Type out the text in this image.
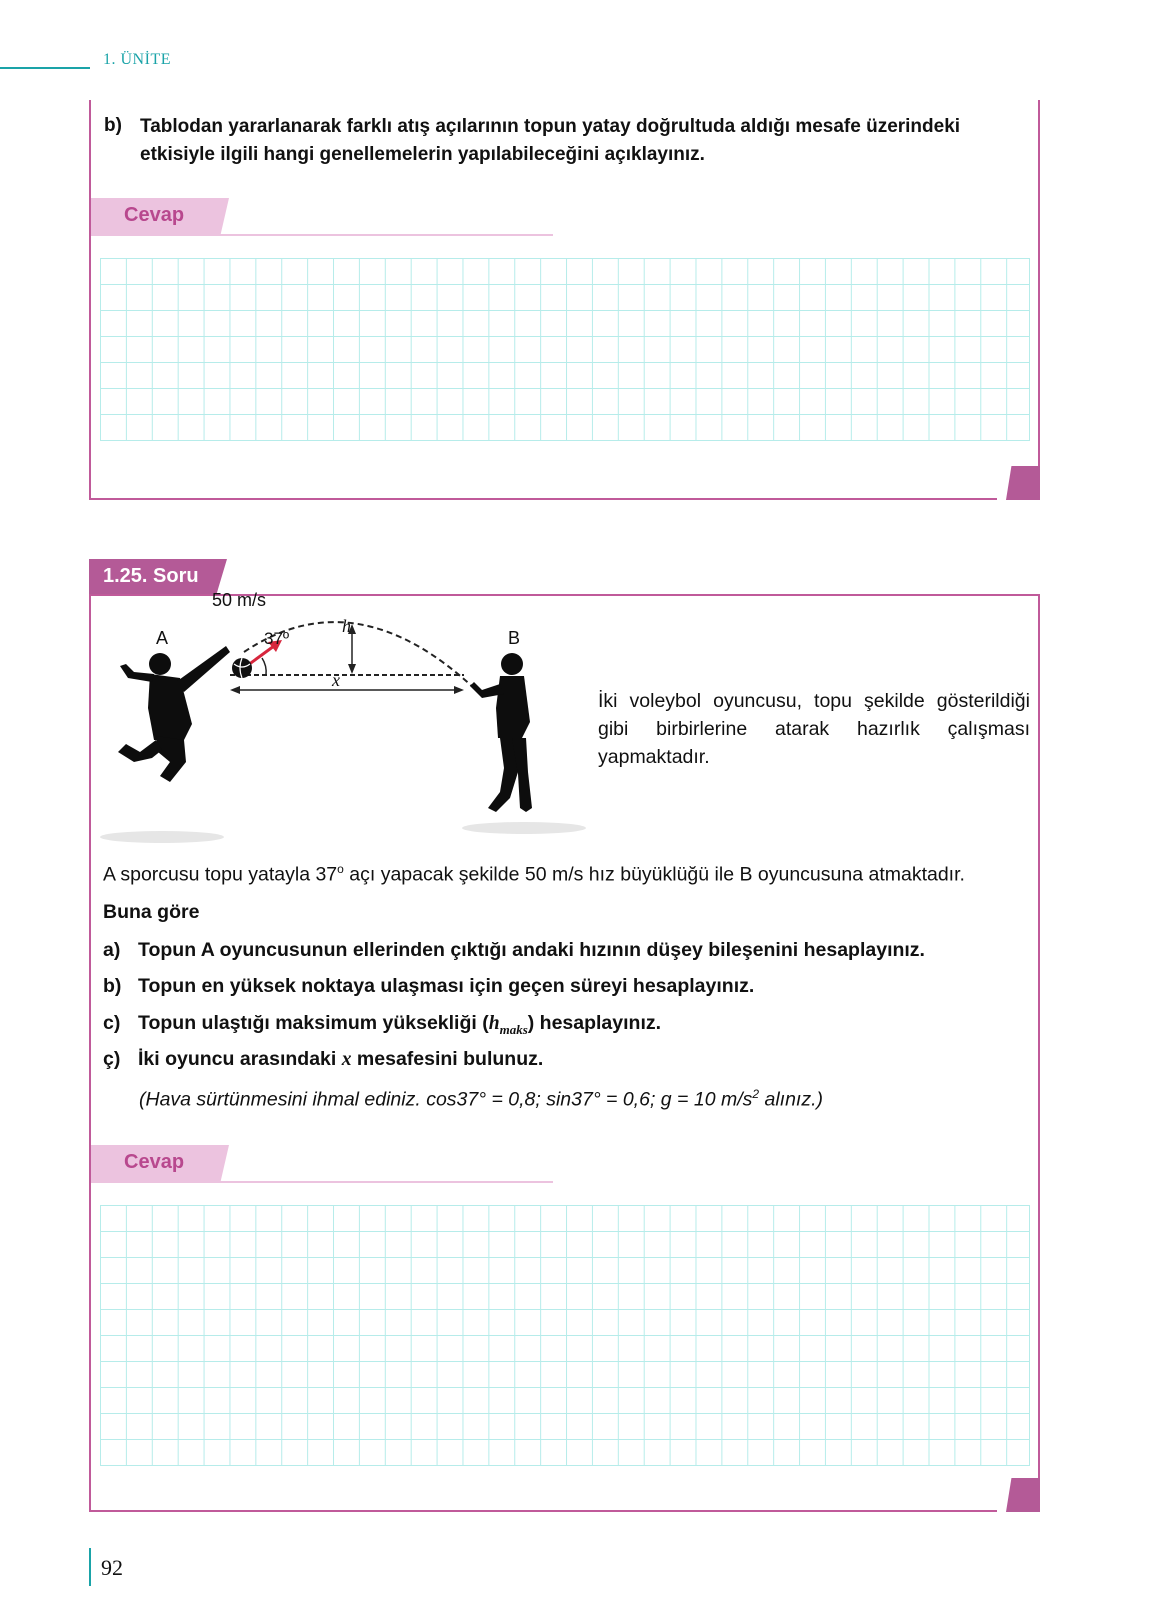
1. ÜNİTE
b) Tablodan yararlanarak farklı atış açılarının topun yatay doğrultuda aldığı mesafe üzerindeki
etkisiyle ilgili hangi genellemelerin yapılabileceğini açıklayınız.
Cevap
1.25. Soru
50 m/s
37º
h
x
A	B
İki voleybol oyuncusu, topu şekilde gösterildiği gibi birbirlerine atarak hazırlık çalışması yapmaktadır.
A sporcusu topu yatayla 37$^o$ açı yapacak şekilde 50 m/s hız büyüklüğü ile B oyuncusuna atmaktadır.
Buna göre
a) Topun A oyuncusunun ellerinden çıktığı andaki hızının düşey bileşenini hesaplayınız.
b) Topun en yüksek noktaya ulaşması için geçen süreyi hesaplayınız.
c) Topun ulaştığı maksimum yüksekliği $(h_{maks})$ hesaplayınız.
ç) İki oyuncu arasındaki x mesafesini bulunuz.
(Hava sürtünmesini ihmal ediniz. cos37° = 0,8; sin37° = 0,6; g = 10 $m/s^2$ alınız.)
Cevap
92
